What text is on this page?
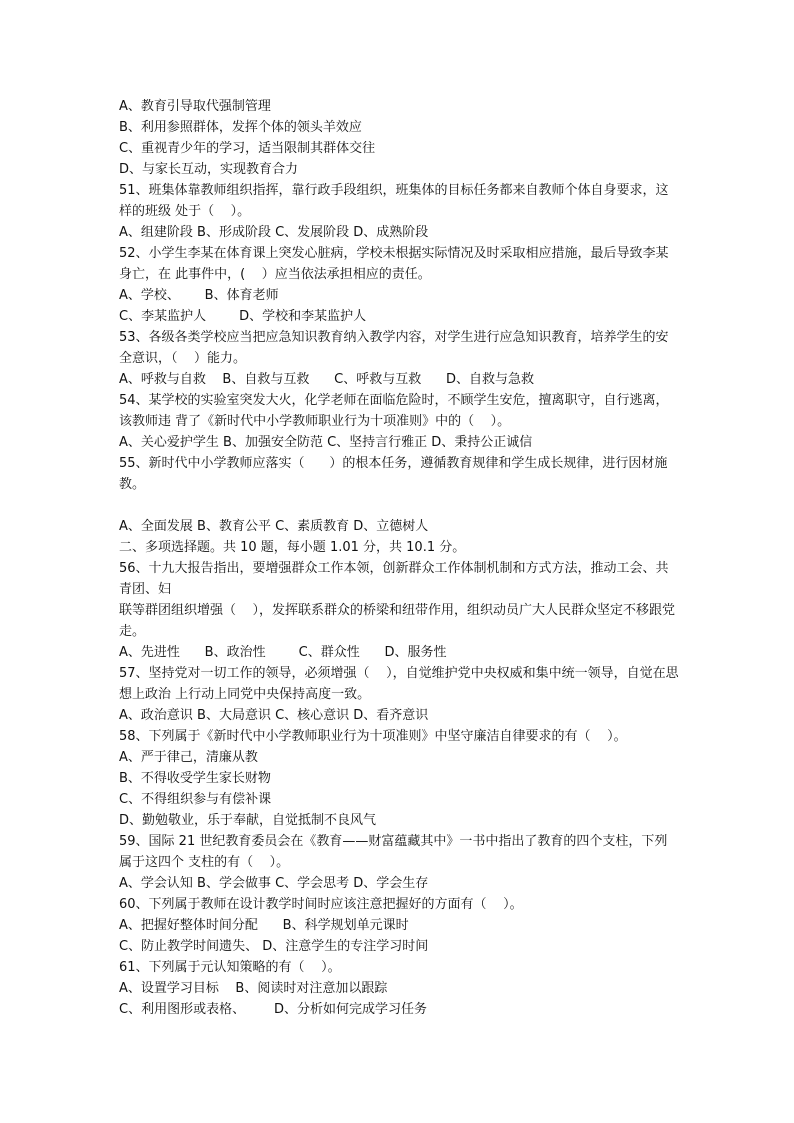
A、教育引导取代强制管理
B、利用参照群体，发挥个体的领头羊效应
C、重视青少年的学习，适当限制其群体交往
D、与家长互动，实现教育合力
51、班集体靠教师组织指挥，靠行政手段组织，班集体的目标任务都来自教师个体自身要求，这样的班级 处于（    ）。
A、组建阶段 B、形成阶段 C、发展阶段 D、成熟阶段
52、小学生李某在体育课上突发心脏病，学校未根据实际情况及时采取相应措施，最后导致李某身亡，在 此事件中，(    ）应当依法承担相应的责任。
A、学校、      B、体育老师
C、李某监护人        D、学校和李某监护人
53、各级各类学校应当把应急知识教育纳入教学内容，对学生进行应急知识教育，培养学生的安全意识，（    ）能力。
A、呼救与自救    B、自救与互救      C、呼救与互救      D、自救与急救
54、某学校的实验室突发大火，化学老师在面临危险时，不顾学生安危，擅离职守，自行逃离，该教师违 背了《新时代中小学教师职业行为十项准则》中的（    ）。
A、关心爱护学生 B、加强安全防范 C、坚持言行雅正 D、秉持公正诚信
55、新时代中小学教师应落实（      ）的根本任务，遵循教育规律和学生成长规律，进行因材施教。
A、全面发展 B、教育公平 C、素质教育 D、立德树人
二、多项选择题。共 10 题，每小题 1.01 分，共 10.1 分。
56、十九大报告指出，要增强群众工作本领，创新群众工作体制机制和方式方法，推动工会、共青团、妇
联等群团组织增强（    ），发挥联系群众的桥梁和纽带作用，组织动员广大人民群众坚定不移跟党走。
A、先进性      B、政治性        C、群众性      D、服务性
57、坚持党对一切工作的领导，必须增强（    ），自觉维护党中央权威和集中统一领导，自觉在思想上政治 上行动上同党中央保持高度一致。
A、政治意识 B、大局意识 C、核心意识 D、看齐意识
58、下列属于《新时代中小学教师职业行为十项准则》中坚守廉洁自律要求的有（    ）。
A、严于律己，清廉从教
B、不得收受学生家长财物
C、不得组织参与有偿补课
D、勤勉敬业，乐于奉献，自觉抵制不良风气
59、国际 21 世纪教育委员会在《教育——财富蕴藏其中》一书中指出了教育的四个支柱，下列属于这四个 支柱的有（    ）。
A、学会认知 B、学会做事 C、学会思考 D、学会生存
60、下列属于教师在设计教学时间时应该注意把握好的方面有（    ）。
A、把握好整体时间分配      B、科学规划单元课时
C、防止教学时间遗失、 D、注意学生的专注学习时间
61、下列属于元认知策略的有（    ）。
A、设置学习目标    B、阅读时对注意加以跟踪
C、利用图形或表格、       D、分析如何完成学习任务
